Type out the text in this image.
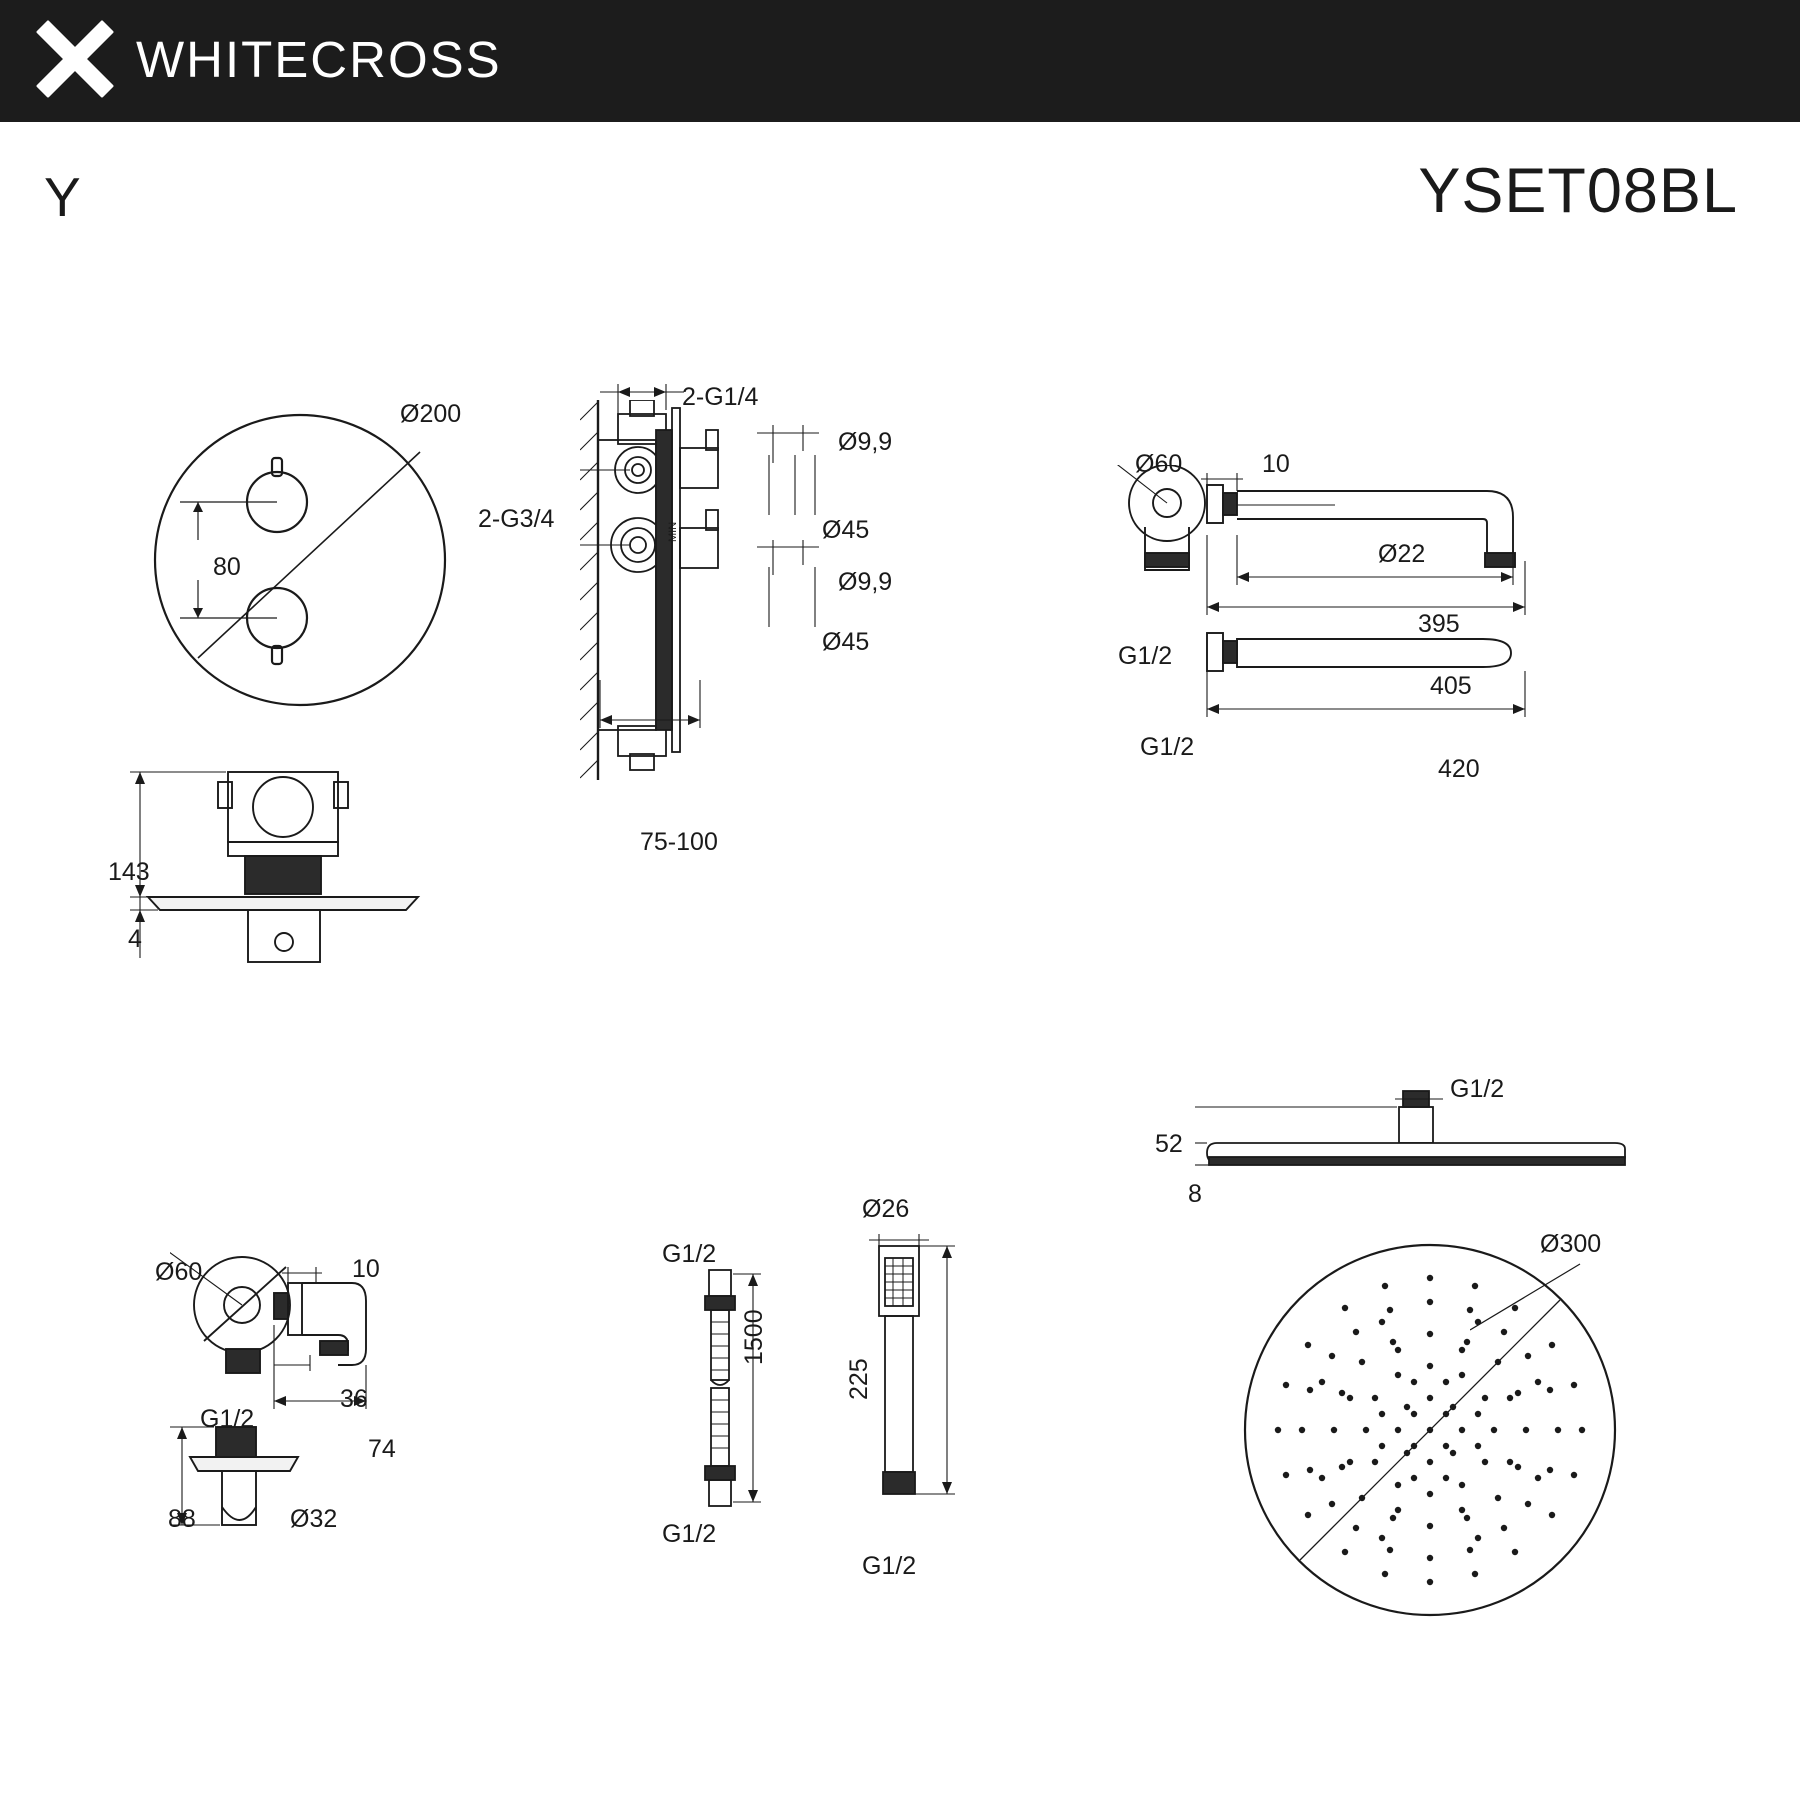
WHITECROSS
Y	YSET08BL
Ø200
80
MIN
2-G1/4
2-G3/4
75-100
Ø9,9
Ø45
Ø9,9
Ø45
143
4
Ø60	10
Ø22
395
405
G1/2
G1/2
420
Ø60	10
G1/2
36
74
88	Ø32
G1/2
1500
G1/2
Ø26
225
G1/2
G1/2
52
8
Ø300
